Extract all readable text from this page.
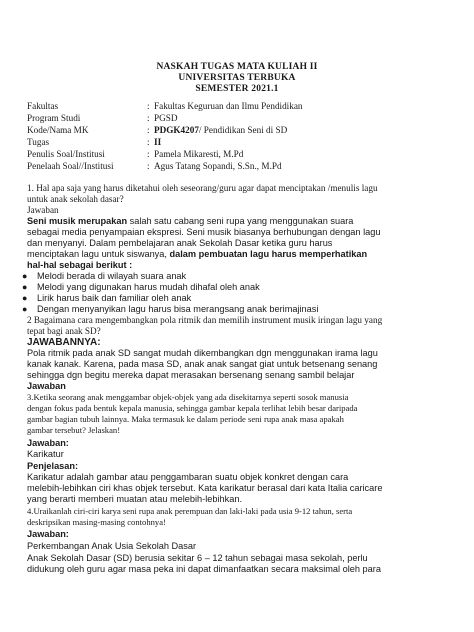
NASKAH TUGAS MATA KULIAH II
UNIVERSITAS TERBUKA
SEMESTER 2021.1
Fakultas	: Fakultas Keguruan dan Ilmu Pendidikan
Program Studi	: PGSD
Kode/Nama MK	: PDGK4207/ Pendidikan Seni di SD
Tugas	: II
Penulis Soal/Institusi	: Pamela Mikaresti, M.Pd
Penelaah Soal//Institusi	: Agus Tatang Sopandi, S.Sn., M.Pd
1. Hal apa saja yang harus diketahui oleh seseorang/guru agar dapat menciptakan /menulis lagu
untuk anak sekolah dasar?
Jawaban
Seni musik merupakan salah satu cabang seni rupa yang menggunakan suara
sebagai media penyampaian ekspresi. Seni musik biasanya berhubungan dengan lagu
dan menyanyi. Dalam pembelajaran anak Sekolah Dasar ketika guru harus
menciptakan lagu untuk siswanya, dalam pembuatan lagu harus memperhatikan
hal-hal sebagai berikut :
● Melodi berada di wilayah suara anak
● Melodi yang digunakan harus mudah dihafal oleh anak
● Lirik harus baik dan familiar oleh anak
● Dengan menyanyikan lagu harus bisa merangsang anak berimajinasi
2 Bagaimana cara mengembangkan pola ritmik dan memilih instrument musik iringan lagu yang
tepat bagi anak SD?
JAWABANNYA:
Pola ritmik pada anak SD sangat mudah dikembangkan dgn menggunakan irama lagu
kanak kanak. Karena, pada masa SD, anak anak sangat giat untuk betsenang senang
sehingga dgn begitu mereka dapat merasakan bersenang senang sambil belajar
Jawaban
3.Ketika seorang anak menggambar objek-objek yang ada disekitarnya seperti sosok manusia
dengan fokus pada bentuk kepala manusia, sehingga gambar kepala terlihat lebih besar daripada
gambar bagian tubuh lainnya. Maka termasuk ke dalam periode seni rupa anak masa apakah
gambar tersebut? Jelaskan!
Jawaban:
Karikatur
Penjelasan:
Karikatur adalah gambar atau penggambaran suatu objek konkret dengan cara
melebih-lebihkan ciri khas objek tersebut. Kata karikatur berasal dari kata Italia caricare
yang berarti memberi muatan atau melebih-lebihkan.
4.Uraikanlah ciri-ciri karya seni rupa anak perempuan dan laki-laki pada usia 9-12 tahun, serta
deskripsikan masing-masing contohnya!
Jawaban:
Perkembangan Anak Usia Sekolah Dasar
Anak Sekolah Dasar (SD) berusia sekitar 6 – 12 tahun sebagai masa sekolah, perlu
didukung oleh guru agar masa peka ini dapat dimanfaatkan secara maksimal oleh para
